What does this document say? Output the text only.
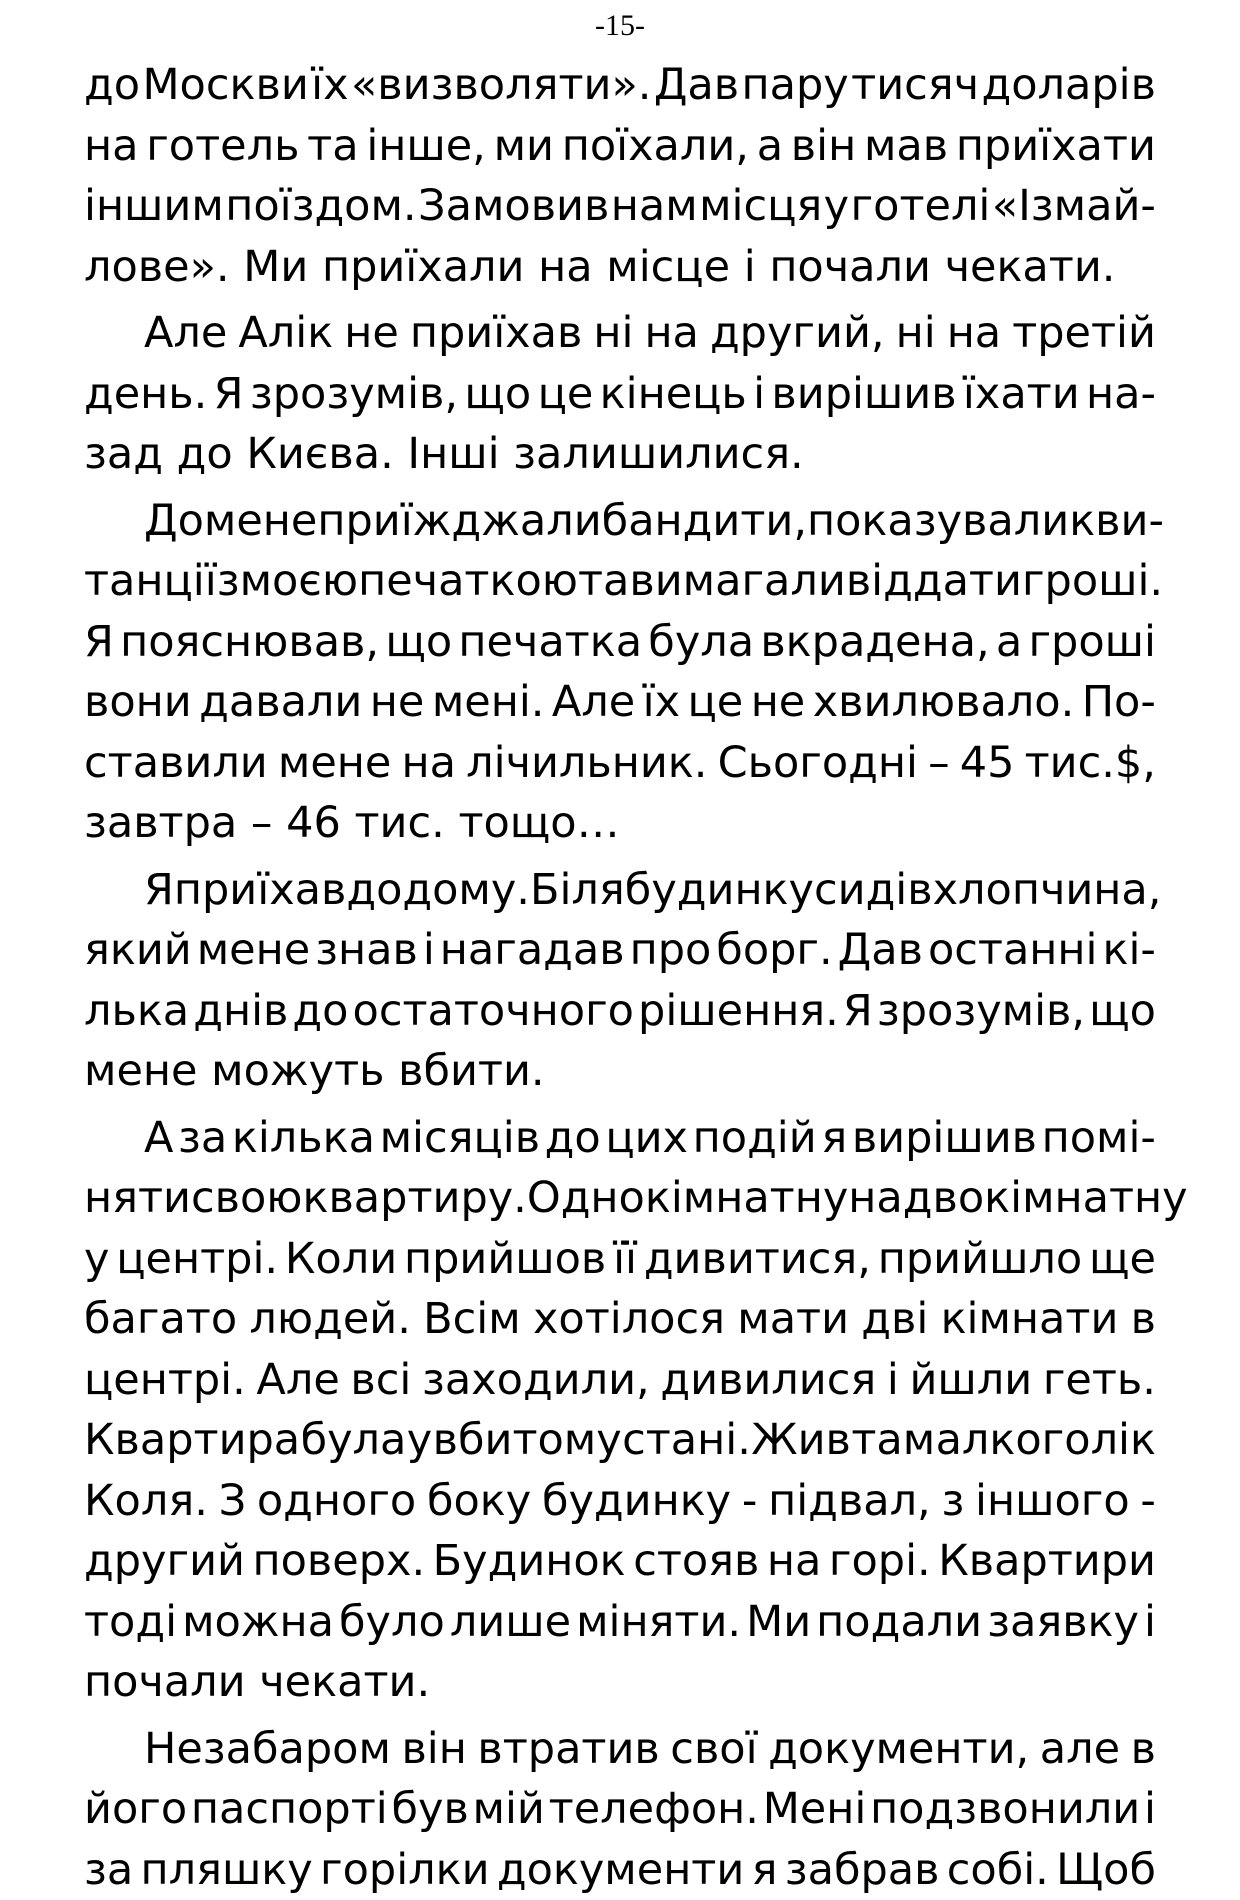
-15-
до Москви їх «визволяти». Дав пару тисяч доларів
на готель та інше, ми поїхали, а він мав приїхати
іншим поїздом. Замовив нам місця у готелі «Ізмай-
лове». Ми приїхали на місце і почали чекати.
Але Алік не приїхав ні на другий, ні на третій
день. Я зрозумів, що це кінець і вирішив їхати на-
зад до Києва. Інші залишилися.
До мене приїжджали бандити, показували кви-
танції з моєю печаткою та вимагали віддати гроші.
Я пояснював, що печатка була вкрадена, а гроші
вони давали не мені. Але їх це не хвилювало. По-
ставили мене на лічильник. Сьогодні – 45 тис.$,
завтра – 46 тис. тощо…
Я приїхав додому. Біля будинку сидів хлопчина,
який мене знав і нагадав про борг. Дав останні кі-
лька днів до остаточного рішення. Я зрозумів, що
мене можуть вбити.
А за кілька місяців до цих подій я вирішив помі-
няти свою квартиру. Однокімнатну на двокімнатну
у центрі. Коли прийшов її дивитися, прийшло ще
багато людей. Всім хотілося мати дві кімнати в
центрі. Але всі заходили, дивилися і йшли геть.
Квартира була у вбитому стані. Жив там алкоголік
Коля. З одного боку будинку - підвал, з іншого -
другий поверх. Будинок стояв на горі. Квартири
тоді можна було лише міняти. Ми подали заявку і
почали чекати.
Незабаром він втратив свої документи, але в
його паспорті був мій телефон. Мені подзвонили і
за пляшку горілки документи я забрав собі. Щоб
